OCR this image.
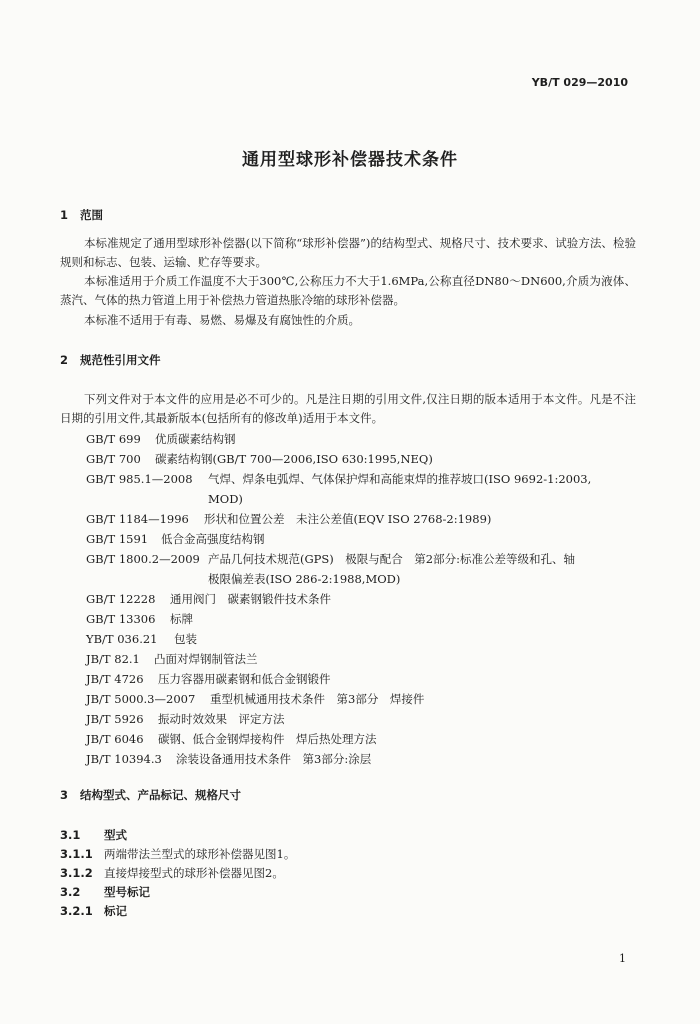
YB/T 029—2010
通用型球形补偿器技术条件
1 范围
本标准规定了通用型球形补偿器(以下简称“球形补偿器”)的结构型式、规格尺寸、技术要求、试验方法、检验规则和标志、包装、运输、贮存等要求。
本标准适用于介质工作温度不大于300℃,公称压力不大于1.6MPa,公称直径DN80～DN600,介质为液体、蒸汽、气体的热力管道上用于补偿热力管道热胀冷缩的球形补偿器。
本标准不适用于有毒、易燃、易爆及有腐蚀性的介质。
2 规范性引用文件
下列文件对于本文件的应用是必不可少的。凡是注日期的引用文件,仅注日期的版本适用于本文件。凡是不注日期的引用文件,其最新版本(包括所有的修改单)适用于本文件。
GB/T 699 优质碳素结构钢
GB/T 700 碳素结构钢(GB/T 700—2006,ISO 630:1995,NEQ)
GB/T 985.1—2008 气焊、焊条电弧焊、气体保护焊和高能束焊的推荐坡口(ISO 9692-1:2003,
MOD)
GB/T 1184—1996 形状和位置公差　未注公差值(EQV ISO 2768-2:1989)
GB/T 1591 低合金高强度结构钢
GB/T 1800.2—2009 产品几何技术规范(GPS)　极限与配合　第2部分:标准公差等级和孔、轴
极限偏差表(ISO 286-2:1988,MOD)
GB/T 12228 通用阀门　碳素钢锻件技术条件
GB/T 13306 标牌
YB/T 036.21 包装
JB/T 82.1 凸面对焊钢制管法兰
JB/T 4726 压力容器用碳素钢和低合金钢锻件
JB/T 5000.3—2007 重型机械通用技术条件　第3部分　焊接件
JB/T 5926 振动时效效果　评定方法
JB/T 6046 碳钢、低合金钢焊接构件　焊后热处理方法
JB/T 10394.3 涂装设备通用技术条件　第3部分:涂层
3 结构型式、产品标记、规格尺寸
3.1 型式
3.1.1 两端带法兰型式的球形补偿器见图1。
3.1.2 直接焊接型式的球形补偿器见图2。
3.2 型号标记
3.2.1 标记
1
